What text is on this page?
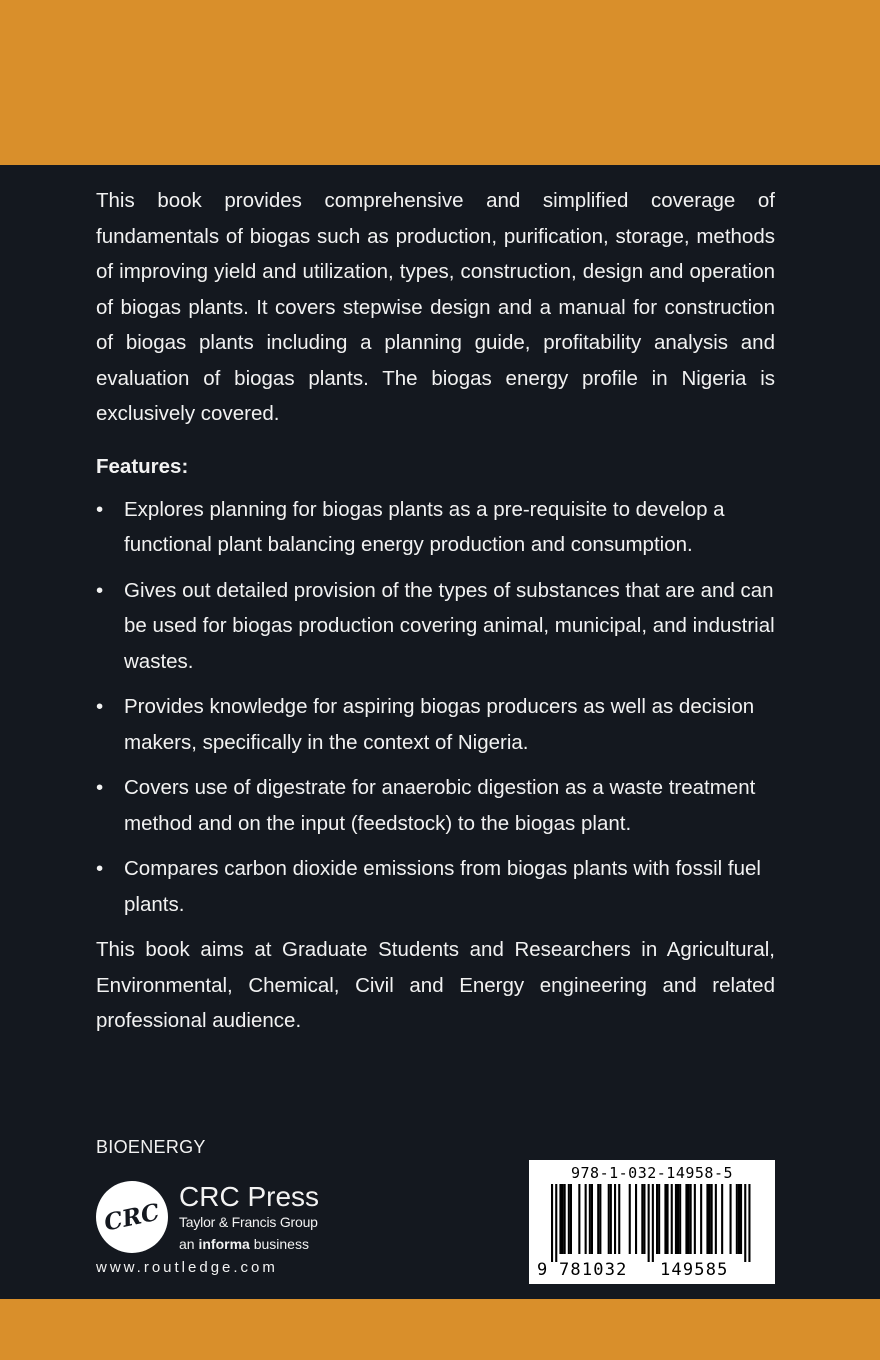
This book provides comprehensive and simplified coverage of fundamentals of biogas such as production, purification, storage, methods of improving yield and utilization, types, construction, design and operation of biogas plants. It covers stepwise design and a manual for construction of biogas plants including a planning guide, profitability analysis and evaluation of biogas plants. The biogas energy profile in Nigeria is exclusively covered.

Features:
• Explores planning for biogas plants as a pre-requisite to develop a functional plant balancing energy production and consumption.
• Gives out detailed provision of the types of substances that are and can be used for biogas production covering animal, municipal, and industrial wastes.
• Provides knowledge for aspiring biogas producers as well as decision makers, specifically in the context of Nigeria.
• Covers use of digestrate for anaerobic digestion as a waste treatment method and on the input (feedstock) to the biogas plant.
• Compares carbon dioxide emissions from biogas plants with fossil fuel plants.

This book aims at Graduate Students and Researchers in Agricultural, Environmental, Chemical, Civil and Energy engineering and related professional audience.

BIOENERGY
CRC
CRC Press
Taylor & Francis Group
an informa business
www.routledge.com
978-1-032-14958-5
9 781032 149585
